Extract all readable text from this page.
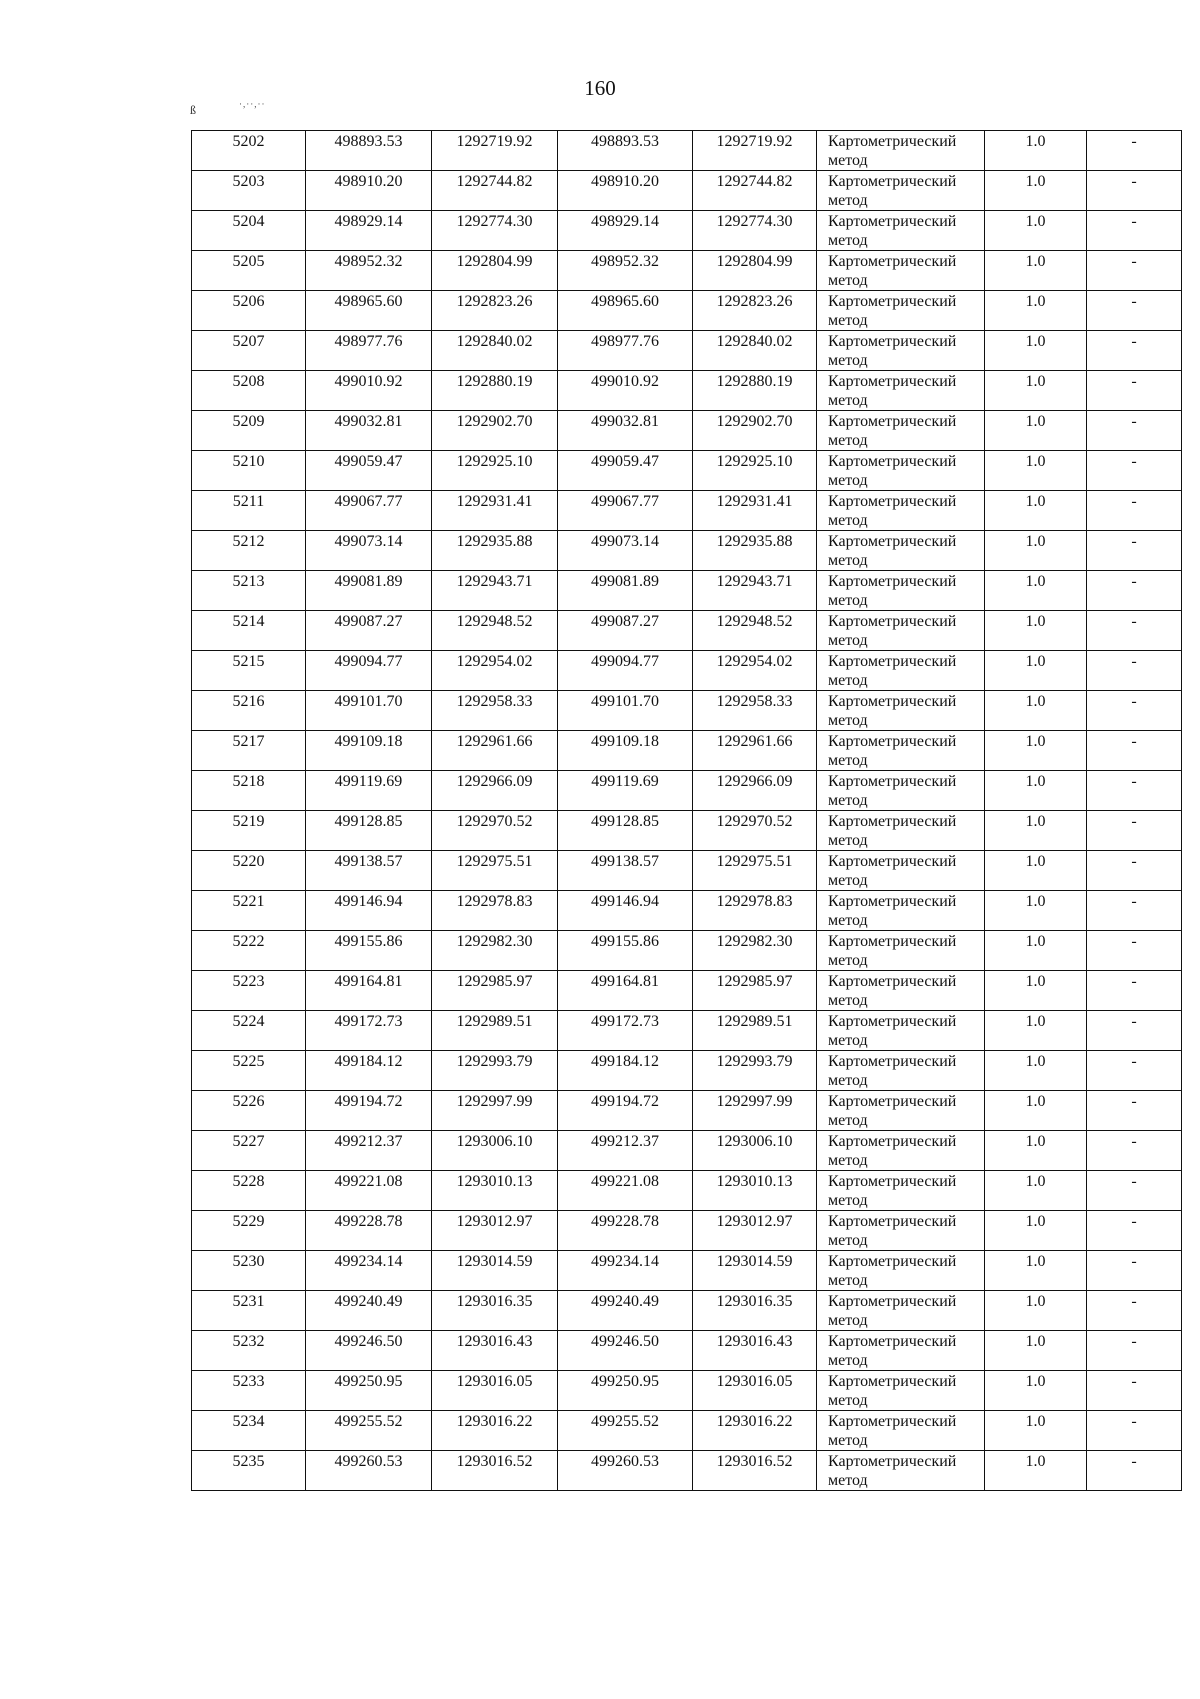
160
ß	·,··,··
5202	498893.53	1292719.92	498893.53	1292719.92	Картометрический
метод	1.0	-
5203	498910.20	1292744.82	498910.20	1292744.82	Картометрический
метод	1.0	-
5204	498929.14	1292774.30	498929.14	1292774.30	Картометрический
метод	1.0	-
5205	498952.32	1292804.99	498952.32	1292804.99	Картометрический
метод	1.0	-
5206	498965.60	1292823.26	498965.60	1292823.26	Картометрический
метод	1.0	-
5207	498977.76	1292840.02	498977.76	1292840.02	Картометрический
метод	1.0	-
5208	499010.92	1292880.19	499010.92	1292880.19	Картометрический
метод	1.0	-
5209	499032.81	1292902.70	499032.81	1292902.70	Картометрический
метод	1.0	-
5210	499059.47	1292925.10	499059.47	1292925.10	Картометрический
метод	1.0	-
5211	499067.77	1292931.41	499067.77	1292931.41	Картометрический
метод	1.0	-
5212	499073.14	1292935.88	499073.14	1292935.88	Картометрический
метод	1.0	-
5213	499081.89	1292943.71	499081.89	1292943.71	Картометрический
метод	1.0	-
5214	499087.27	1292948.52	499087.27	1292948.52	Картометрический
метод	1.0	-
5215	499094.77	1292954.02	499094.77	1292954.02	Картометрический
метод	1.0	-
5216	499101.70	1292958.33	499101.70	1292958.33	Картометрический
метод	1.0	-
5217	499109.18	1292961.66	499109.18	1292961.66	Картометрический
метод	1.0	-
5218	499119.69	1292966.09	499119.69	1292966.09	Картометрический
метод	1.0	-
5219	499128.85	1292970.52	499128.85	1292970.52	Картометрический
метод	1.0	-
5220	499138.57	1292975.51	499138.57	1292975.51	Картометрический
метод	1.0	-
5221	499146.94	1292978.83	499146.94	1292978.83	Картометрический
метод	1.0	-
5222	499155.86	1292982.30	499155.86	1292982.30	Картометрический
метод	1.0	-
5223	499164.81	1292985.97	499164.81	1292985.97	Картометрический
метод	1.0	-
5224	499172.73	1292989.51	499172.73	1292989.51	Картометрический
метод	1.0	-
5225	499184.12	1292993.79	499184.12	1292993.79	Картометрический
метод	1.0	-
5226	499194.72	1292997.99	499194.72	1292997.99	Картометрический
метод	1.0	-
5227	499212.37	1293006.10	499212.37	1293006.10	Картометрический
метод	1.0	-
5228	499221.08	1293010.13	499221.08	1293010.13	Картометрический
метод	1.0	-
5229	499228.78	1293012.97	499228.78	1293012.97	Картометрический
метод	1.0	-
5230	499234.14	1293014.59	499234.14	1293014.59	Картометрический
метод	1.0	-
5231	499240.49	1293016.35	499240.49	1293016.35	Картометрический
метод	1.0	-
5232	499246.50	1293016.43	499246.50	1293016.43	Картометрический
метод	1.0	-
5233	499250.95	1293016.05	499250.95	1293016.05	Картометрический
метод	1.0	-
5234	499255.52	1293016.22	499255.52	1293016.22	Картометрический
метод	1.0	-
5235	499260.53	1293016.52	499260.53	1293016.52	Картометрический
метод	1.0	-
